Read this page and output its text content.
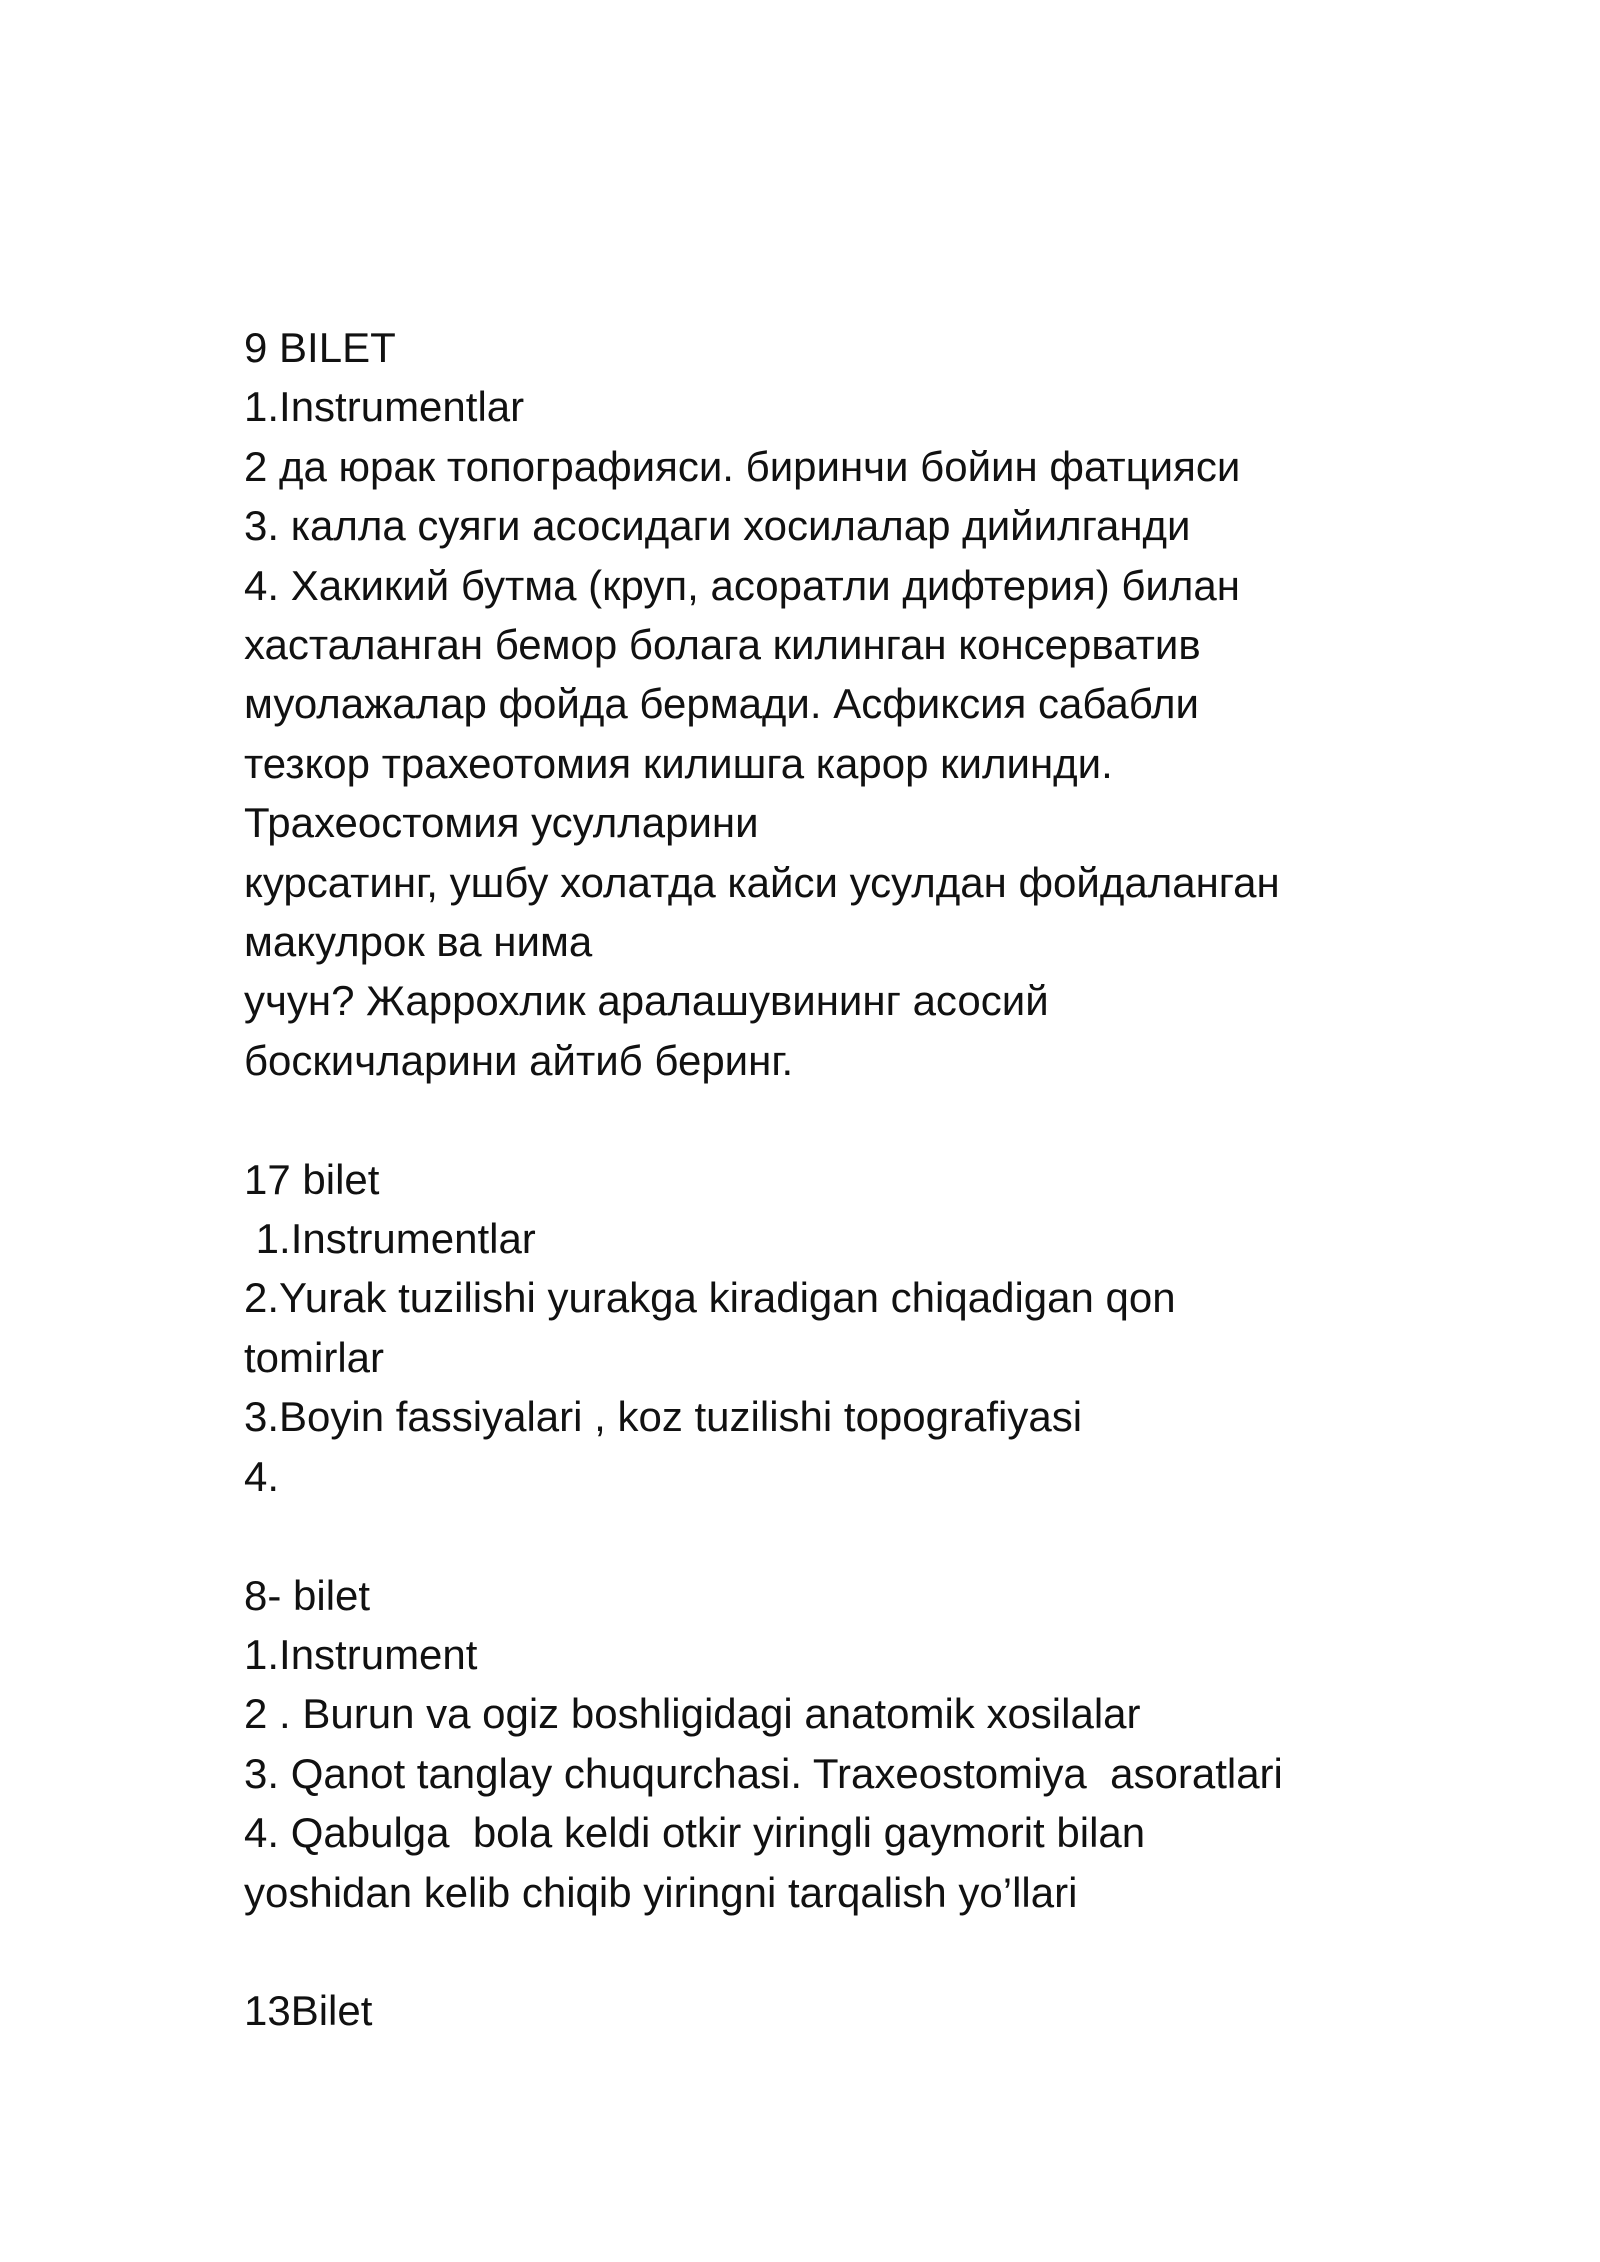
9 BILET
1.Instrumentlar
2 да юрак топографияси. биринчи бойин фатцияси
3. калла суяги асосидаги хосилалар дийилганди
4. Хакикий бутма (круп, асоратли дифтерия) билан
хасталанган бемор болага килинган консерватив
муолажалар фойда бермади. Асфиксия сабабли
тезкор трахеотомия килишга карор килинди.
Трахеостомия усулларини
курсатинг, ушбу холатда кайси усулдан фойдаланган
макулрок ва нима
учун? Жаррохлик аралашувининг асосий
боскичларини айтиб беринг.
17 bilet
1.Instrumentlar
2.Yurak tuzilishi yurakga kiradigan chiqadigan qon
tomirlar
3.Boyin fassiyalari , koz tuzilishi topografiyasi
4.
8- bilet
1.Instrument
2 . Burun va ogiz boshligidagi anatomik xosilalar
3. Qanot tanglay chuqurchasi. Traxeostomiya  asoratlari
4. Qabulga  bola keldi otkir yiringli gaymorit bilan
yoshidan kelib chiqib yiringni tarqalish yo’llari
13Bilet
